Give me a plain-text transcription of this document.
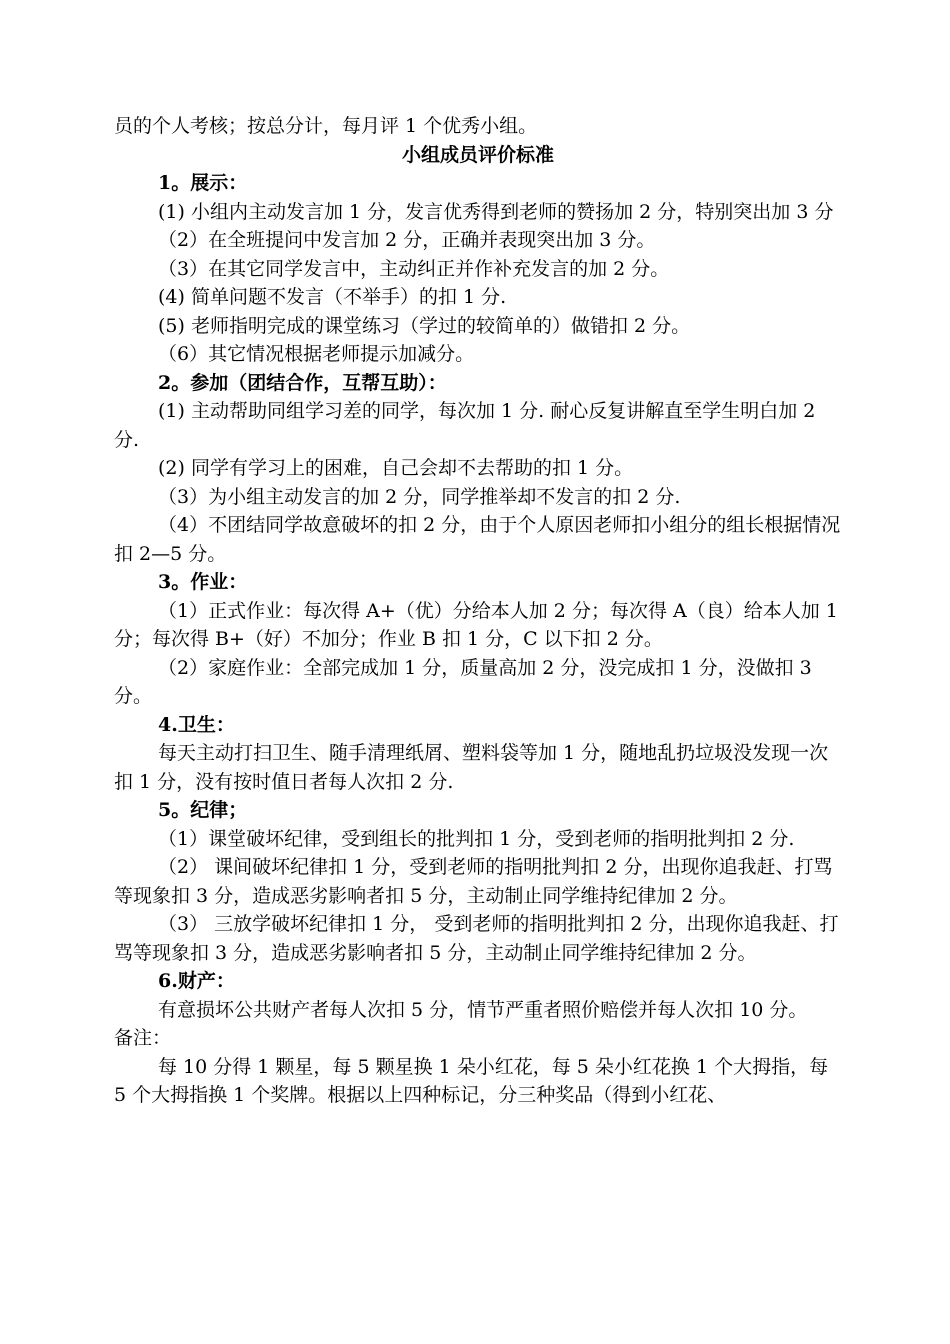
员的个人考核；按总分计，每月评 1 个优秀小组。

小组成员评价标准

1。展示：

(1) 小组内主动发言加 1 分，发言优秀得到老师的赞扬加 2 分，特别突出加 3 分

（2）在全班提问中发言加 2 分，正确并表现突出加 3 分。

（3）在其它同学发言中，主动纠正并作补充发言的加 2 分。

(4) 简单问题不发言（不举手）的扣 1 分.

(5) 老师指明完成的课堂练习（学过的较简单的）做错扣 2 分。

（6）其它情况根据老师提示加减分。

2。参加（团结合作，互帮互助）：

(1) 主动帮助同组学习差的同学，每次加 1 分. 耐心反复讲解直至学生明白加 2 分.

(2) 同学有学习上的困难，自己会却不去帮助的扣 1 分。

（3）为小组主动发言的加 2 分，同学推举却不发言的扣 2 分.

（4）不团结同学故意破坏的扣 2 分，由于个人原因老师扣小组分的组长根据情况扣 2—5 分。

3。作业：

（1）正式作业：每次得 A+（优）分给本人加 2 分；每次得 A（良）给本人加 1 分；每次得 B+（好）不加分；作业 B 扣 1 分，C 以下扣 2 分。

（2）家庭作业：全部完成加 1 分，质量高加 2 分，没完成扣 1 分，没做扣 3 分。

4.卫生：

每天主动打扫卫生、随手清理纸屑、塑料袋等加 1 分，随地乱扔垃圾没发现一次扣 1 分，没有按时值日者每人次扣 2 分.

5。纪律；

（1）课堂破坏纪律，受到组长的批判扣 1 分，受到老师的指明批判扣 2 分.

（2） 课间破坏纪律扣 1 分，受到老师的指明批判扣 2 分，出现你追我赶、打骂等现象扣 3 分，造成恶劣影响者扣 5 分，主动制止同学维持纪律加 2 分。

（3） 三放学破坏纪律扣 1 分， 受到老师的指明批判扣 2 分，出现你追我赶、打骂等现象扣 3 分，造成恶劣影响者扣 5 分，主动制止同学维持纪律加 2 分。

6.财产：

有意损坏公共财产者每人次扣 5 分，情节严重者照价赔偿并每人次扣 10 分。

备注：

每 10 分得 1 颗星，每 5 颗星换 1 朵小红花，每 5 朵小红花换 1 个大拇指，每 5 个大拇指换 1 个奖牌。根据以上四种标记，分三种奖品（得到小红花、
